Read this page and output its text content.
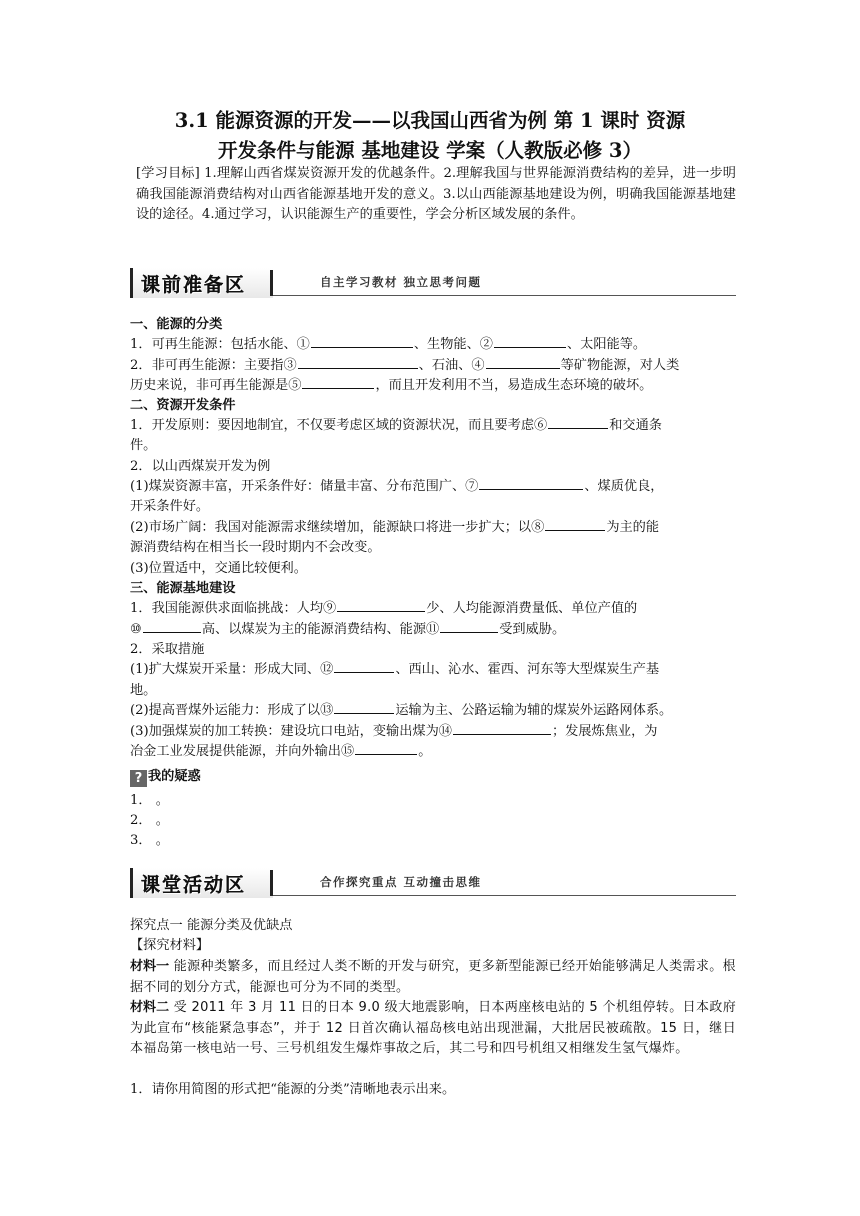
3.1 能源资源的开发——以我国山西省为例 第 1 课时 资源
开发条件与能源 基地建设 学案（人教版必修 3）
[学习目标] 1.理解山西省煤炭资源开发的优越条件。2.理解我国与世界能源消费结构的差异，进一步明确我国能源消费结构对山西省能源基地开发的意义。3.以山西能源基地建设为例，明确我国能源基地建设的途径。4.通过学习，认识能源生产的重要性，学会分析区域发展的条件。
课前准备区	自主学习教材 独立思考问题
一、能源的分类
1．可再生能源：包括水能、①	、生物能、②	、太阳能等。
2．非可再生能源：主要指③	、石油、④	等矿物能源，对人类
历史来说，非可再生能源是⑤	，而且开发利用不当，易造成生态环境的破坏。
二、资源开发条件
1．开发原则：要因地制宜，不仅要考虑区域的资源状况，而且要考虑⑥	和交通条
件。
2．以山西煤炭开发为例
(1)煤炭资源丰富，开采条件好：储量丰富、分布范围广、⑦	、煤质优良，
开采条件好。
(2)市场广阔：我国对能源需求继续增加，能源缺口将进一步扩大；以⑧	为主的能
源消费结构在相当长一段时期内不会改变。
(3)位置适中，交通比较便利。
三、能源基地建设
1．我国能源供求面临挑战：人均⑨	少、人均能源消费量低、单位产值的
⑩	高、以煤炭为主的能源消费结构、能源⑪	受到威胁。
2．采取措施
(1)扩大煤炭开采量：形成大同、⑫	、西山、沁水、霍西、河东等大型煤炭生产基
地。
(2)提高晋煤外运能力：形成了以⑬	运输为主、公路运输为辅的煤炭外运路网体系。
(3)加强煤炭的加工转换：建设坑口电站，变输出煤为⑭	；发展炼焦业，为
冶金工业发展提供能源，并向外输出⑮	。
? 我的疑惑
1． 。
2． 。
3． 。
课堂活动区	合作探究重点 互动撞击思维
探究点一 能源分类及优缺点
【探究材料】
材料一 能源种类繁多，而且经过人类不断的开发与研究，更多新型能源已经开始能够满足人类需求。根据不同的划分方式，能源也可分为不同的类型。
材料二 受 2011 年 3 月 11 日的日本 9.0 级大地震影响，日本两座核电站的 5 个机组停转。日本政府为此宣布“核能紧急事态”，并于 12 日首次确认福岛核电站出现泄漏，大批居民被疏散。15 日，继日本福岛第一核电站一号、三号机组发生爆炸事故之后，其二号和四号机组又相继发生氢气爆炸。
1．请你用简图的形式把“能源的分类”清晰地表示出来。
